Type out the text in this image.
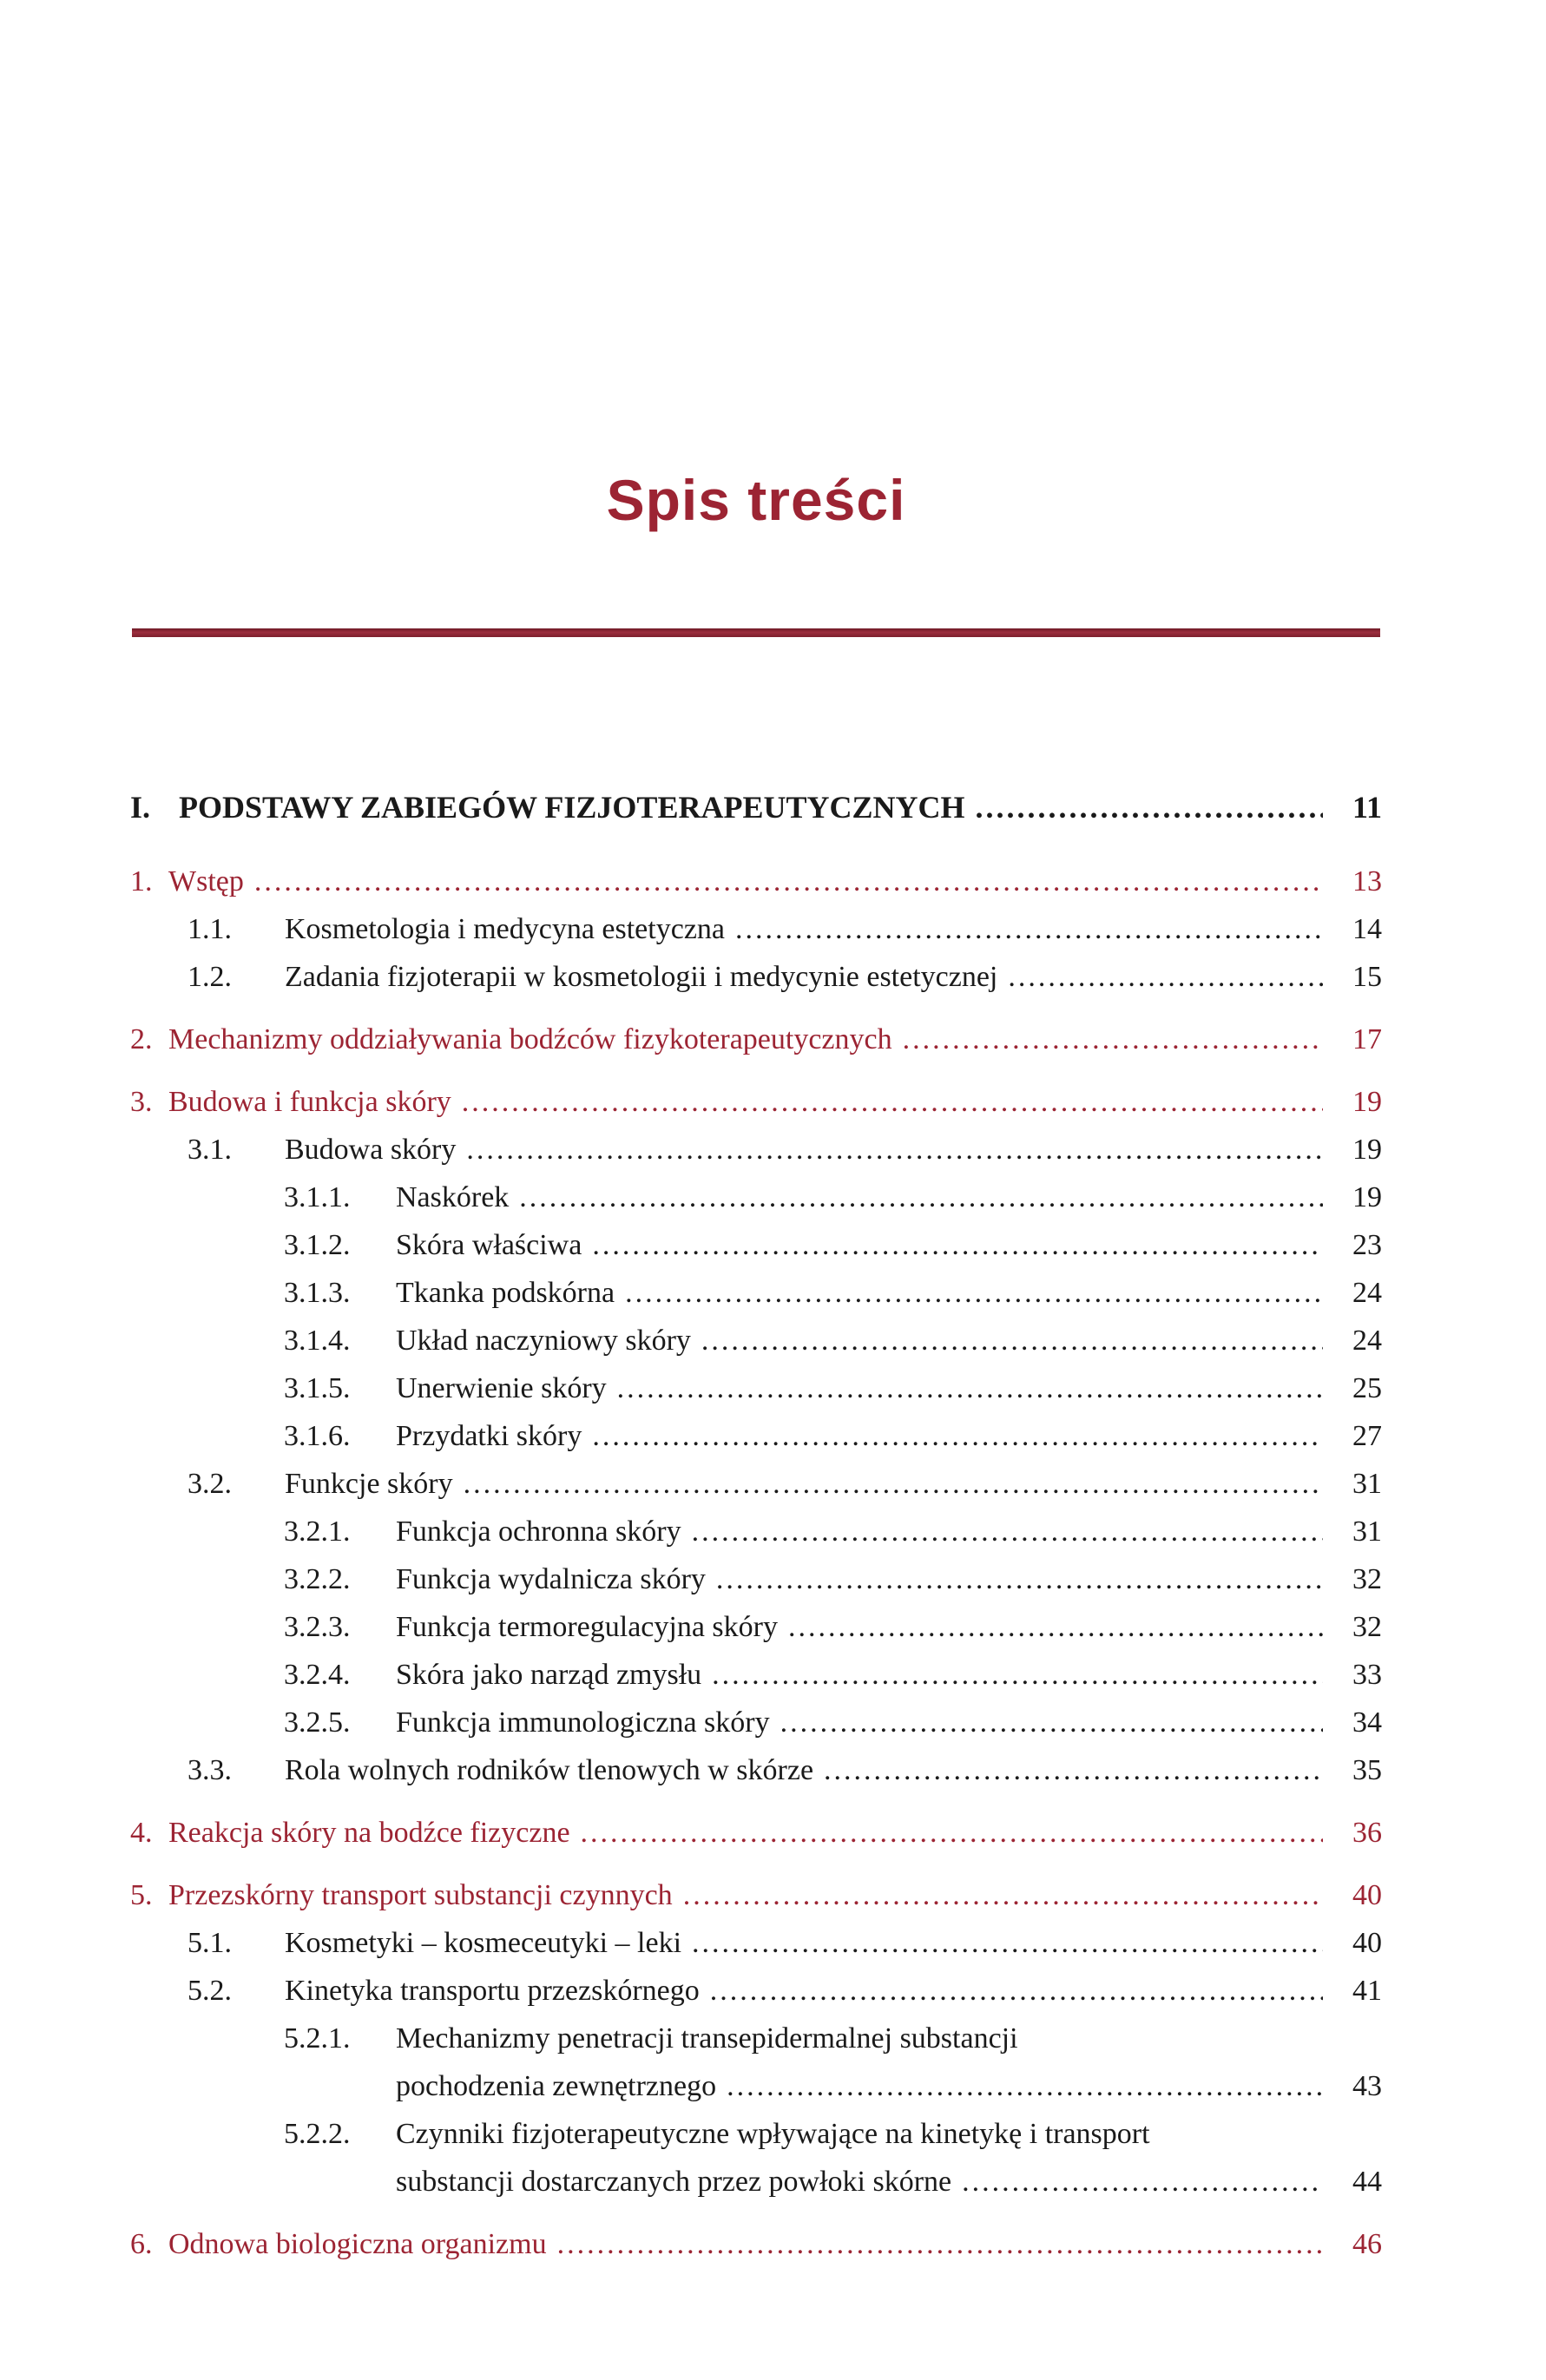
Spis treści
I. PODSTAWY ZABIEGÓW FIZJOTERAPEUTYCZNYCH .....	11
1. Wstęp .....	13
1.1.	Kosmetologia i medycyna estetyczna .....	14
1.2.	Zadania fizjoterapii w kosmetologii i medycynie estetycznej .....	15
2. Mechanizmy oddziaływania bodźców fizykoterapeutycznych .....	17
3. Budowa i funkcja skóry .....	19
3.1.	Budowa skóry .....	19
3.1.1.	Naskórek .....	19
3.1.2.	Skóra właściwa .....	23
3.1.3.	Tkanka podskórna .....	24
3.1.4.	Układ naczyniowy skóry .....	24
3.1.5.	Unerwienie skóry .....	25
3.1.6.	Przydatki skóry .....	27
3.2.	Funkcje skóry .....	31
3.2.1.	Funkcja ochronna skóry .....	31
3.2.2.	Funkcja wydalnicza skóry .....	32
3.2.3.	Funkcja termoregulacyjna skóry .....	32
3.2.4.	Skóra jako narząd zmysłu .....	33
3.2.5.	Funkcja immunologiczna skóry .....	34
3.3.	Rola wolnych rodników tlenowych w skórze .....	35
4. Reakcja skóry na bodźce fizyczne .....	36
5. Przezskórny transport substancji czynnych .....	40
5.1.	Kosmetyki – kosmeceutyki – leki .....	40
5.2.	Kinetyka transportu przezskórnego .....	41
5.2.1.	Mechanizmy penetracji transepidermalnej substancji
pochodzenia zewnętrznego .....	43
5.2.2.	Czynniki fizjoterapeutyczne wpływające na kinetykę i transport
substancji dostarczanych przez powłoki skórne .....	44
6. Odnowa biologiczna organizmu .....	46
